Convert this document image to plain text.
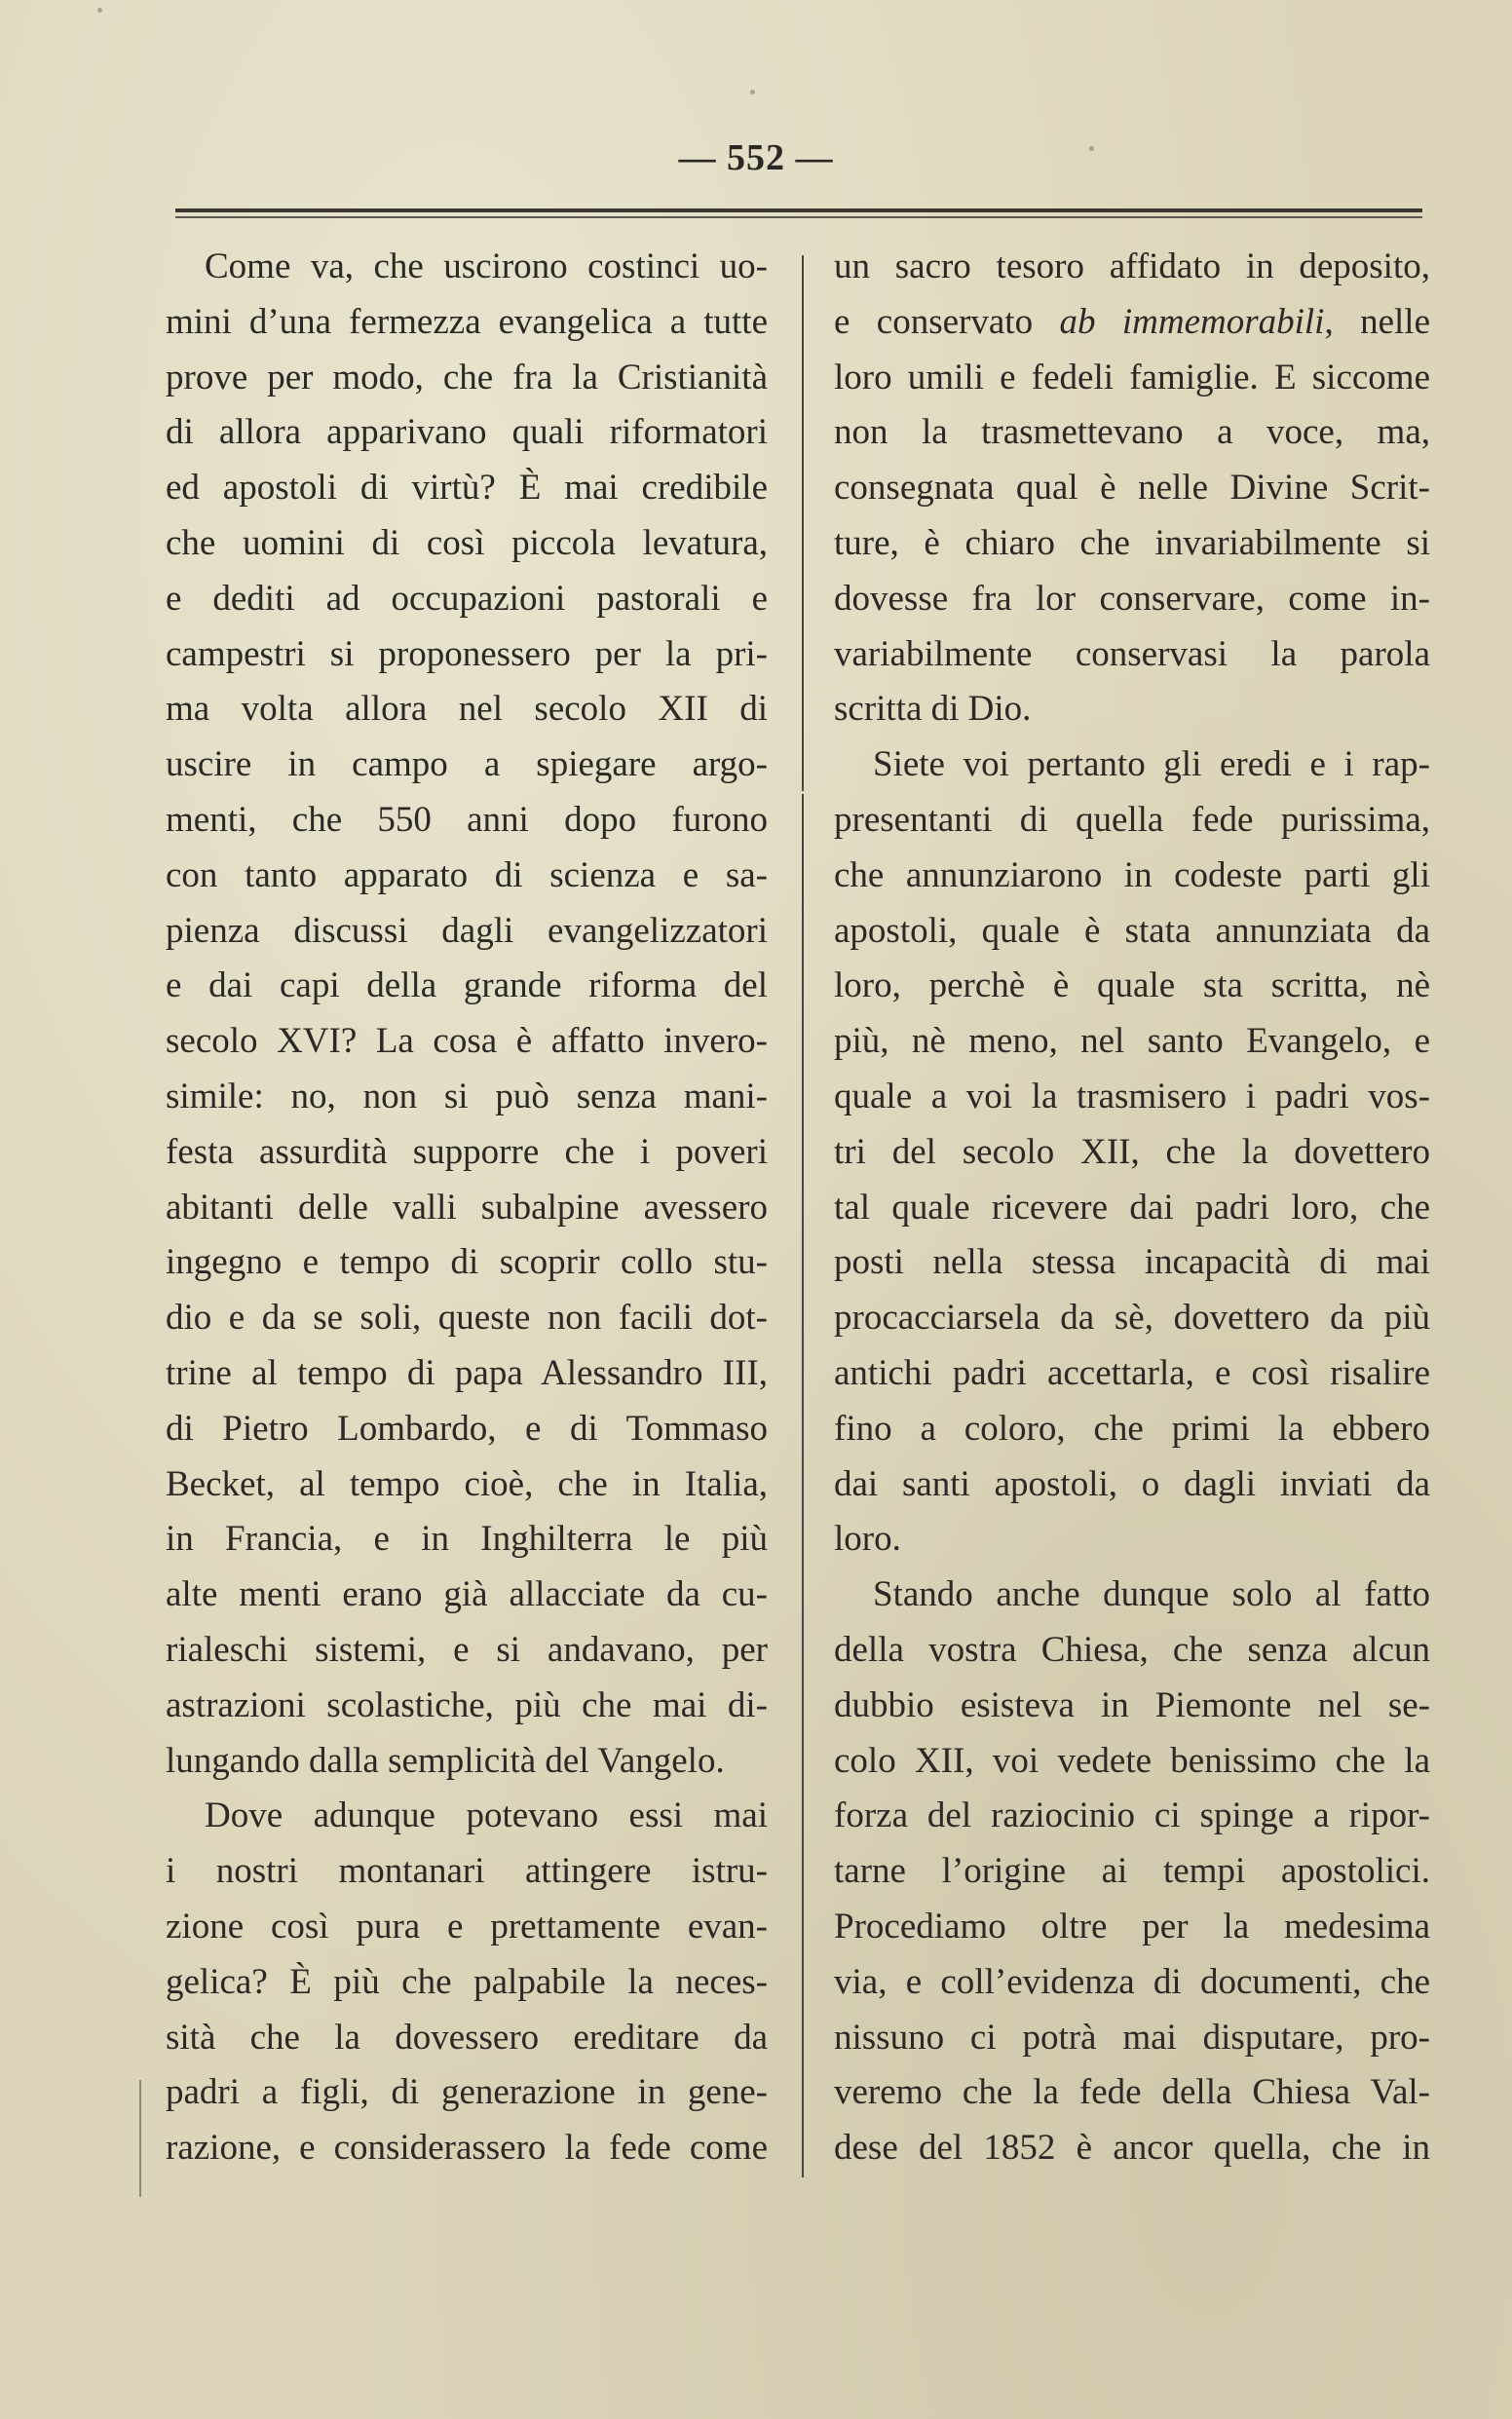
— 552 —
Come va, che uscirono costinci uo-
mini d’una fermezza evangelica a tutte
prove per modo, che fra la Cristianità
di allora apparivano quali riformatori
ed apostoli di virtù? È mai credibile
che uomini di così piccola levatura,
e dediti ad occupazioni pastorali e
campestri si proponessero per la pri-
ma volta allora nel secolo XII di
uscire in campo a spiegare argo-
menti, che 550 anni dopo furono
con tanto apparato di scienza e sa-
pienza discussi dagli evangelizzatori
e dai capi della grande riforma del
secolo XVI? La cosa è affatto invero-
simile: no, non si può senza mani-
festa assurdità supporre che i poveri
abitanti delle valli subalpine avessero
ingegno e tempo di scoprir collo stu-
dio e da se soli, queste non facili dot-
trine al tempo di papa Alessandro III,
di Pietro Lombardo, e di Tommaso
Becket, al tempo cioè, che in Italia,
in Francia, e in Inghilterra le più
alte menti erano già allacciate da cu-
rialeschi sistemi, e si andavano, per
astrazioni scolastiche, più che mai di-
lungando dalla semplicità del Vangelo.
Dove adunque potevano essi mai
i nostri montanari attingere istru-
zione così pura e prettamente evan-
gelica? È più che palpabile la neces-
sità che la dovessero ereditare da
padri a figli, di generazione in gene-
razione, e considerassero la fede come
un sacro tesoro affidato in deposito,
e conservato ab immemorabili, nelle
loro umili e fedeli famiglie. E siccome
non la trasmettevano a voce, ma,
consegnata qual è nelle Divine Scrit-
ture, è chiaro che invariabilmente si
dovesse fra lor conservare, come in-
variabilmente conservasi la parola
scritta di Dio.
Siete voi pertanto gli eredi e i rap-
presentanti di quella fede purissima,
che annunziarono in codeste parti gli
apostoli, quale è stata annunziata da
loro, perchè è quale sta scritta, nè
più, nè meno, nel santo Evangelo, e
quale a voi la trasmisero i padri vos-
tri del secolo XII, che la dovettero
tal quale ricevere dai padri loro, che
posti nella stessa incapacità di mai
procacciarsela da sè, dovettero da più
antichi padri accettarla, e così risalire
fino a coloro, che primi la ebbero
dai santi apostoli, o dagli inviati da
loro.
Stando anche dunque solo al fatto
della vostra Chiesa, che senza alcun
dubbio esisteva in Piemonte nel se-
colo XII, voi vedete benissimo che la
forza del raziocinio ci spinge a ripor-
tarne l’origine ai tempi apostolici.
Procediamo oltre per la medesima
via, e coll’evidenza di documenti, che
nissuno ci potrà mai disputare, pro-
veremo che la fede della Chiesa Val-
dese del 1852 è ancor quella, che in
